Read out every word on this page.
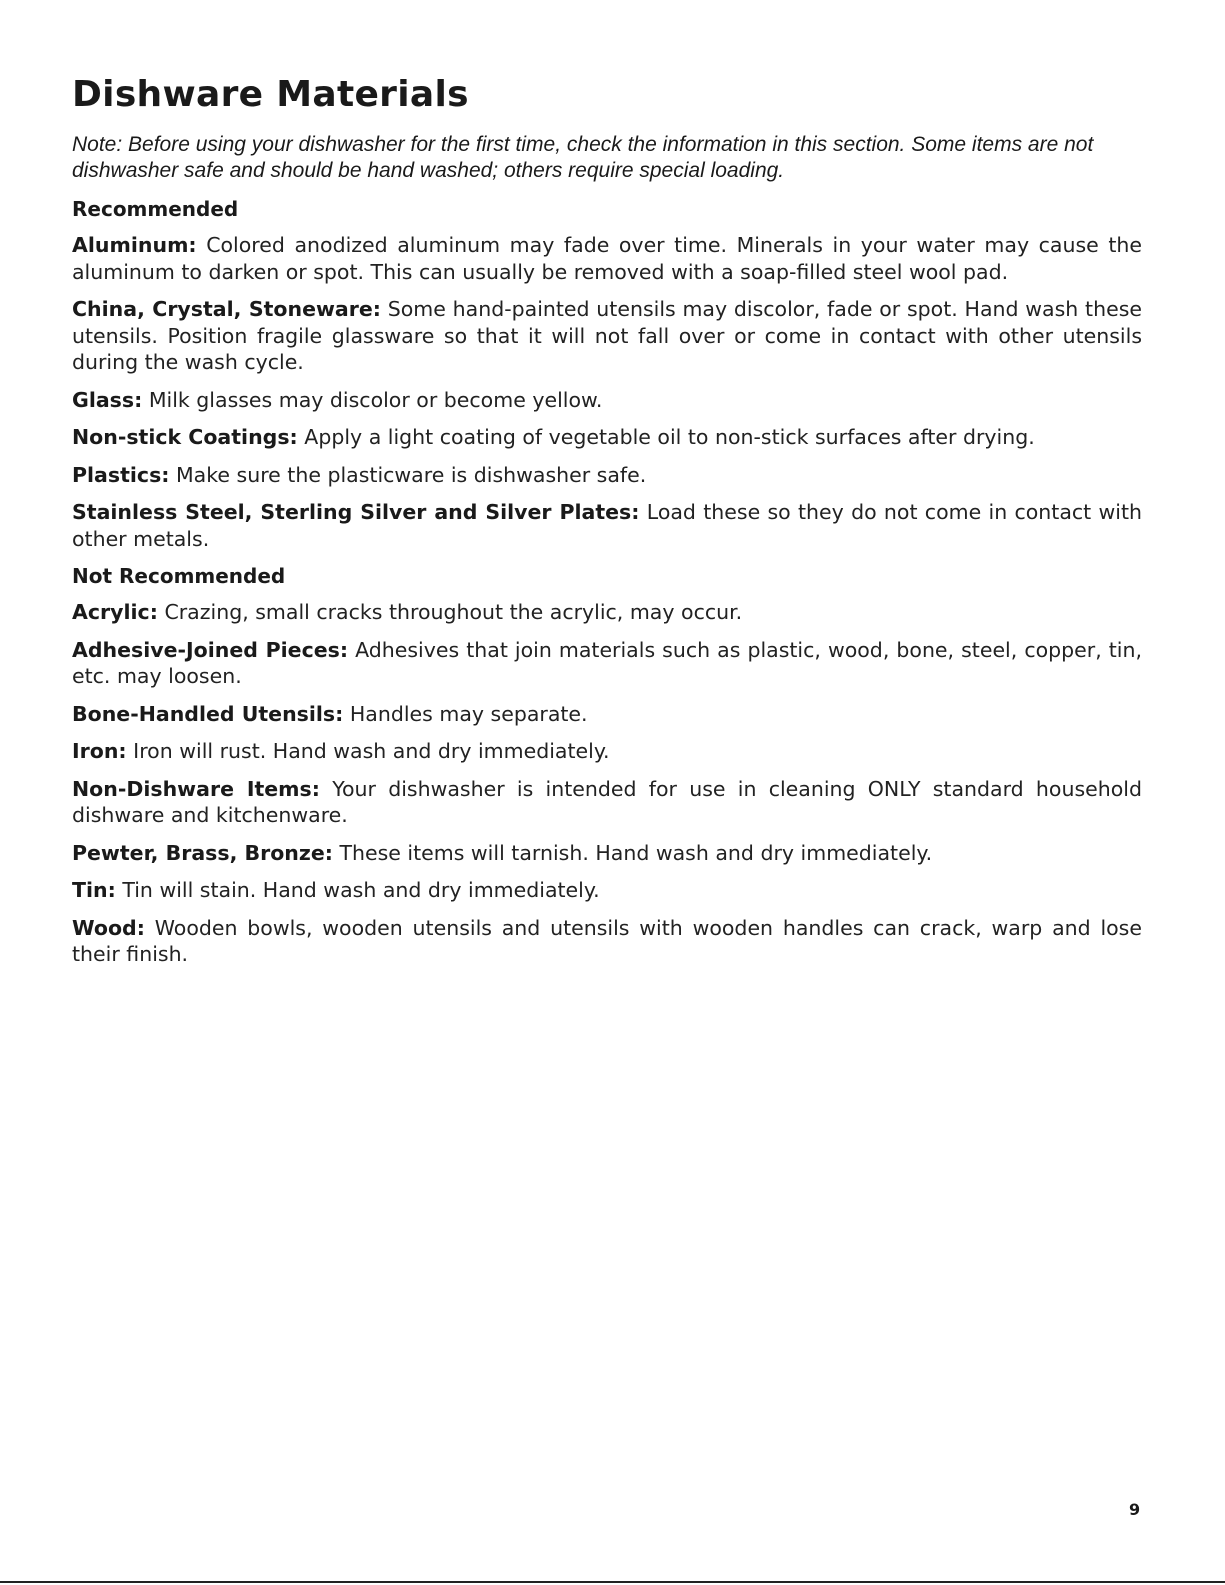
Dishware Materials

Note: Before using your dishwasher for the first time, check the information in this section. Some items are not dishwasher safe and should be hand washed; others require special loading.

Recommended

Aluminum: Colored anodized aluminum may fade over time. Minerals in your water may cause the aluminum to darken or spot. This can usually be removed with a soap-filled steel wool pad.

China, Crystal, Stoneware: Some hand-painted utensils may discolor, fade or spot. Hand wash these utensils. Position fragile glassware so that it will not fall over or come in contact with other utensils during the wash cycle.

Glass: Milk glasses may discolor or become yellow.

Non-stick Coatings: Apply a light coating of vegetable oil to non-stick surfaces after drying.

Plastics: Make sure the plasticware is dishwasher safe.

Stainless Steel, Sterling Silver and Silver Plates: Load these so they do not come in contact with other metals.

Not Recommended

Acrylic: Crazing, small cracks throughout the acrylic, may occur.

Adhesive-Joined Pieces: Adhesives that join materials such as plastic, wood, bone, steel, copper, tin, etc. may loosen.

Bone-Handled Utensils: Handles may separate.

Iron: Iron will rust. Hand wash and dry immediately.

Non-Dishware Items: Your dishwasher is intended for use in cleaning ONLY standard household dishware and kitchenware.

Pewter, Brass, Bronze: These items will tarnish. Hand wash and dry immediately.

Tin: Tin will stain. Hand wash and dry immediately.

Wood: Wooden bowls, wooden utensils and utensils with wooden handles can crack, warp and lose their finish.

9
